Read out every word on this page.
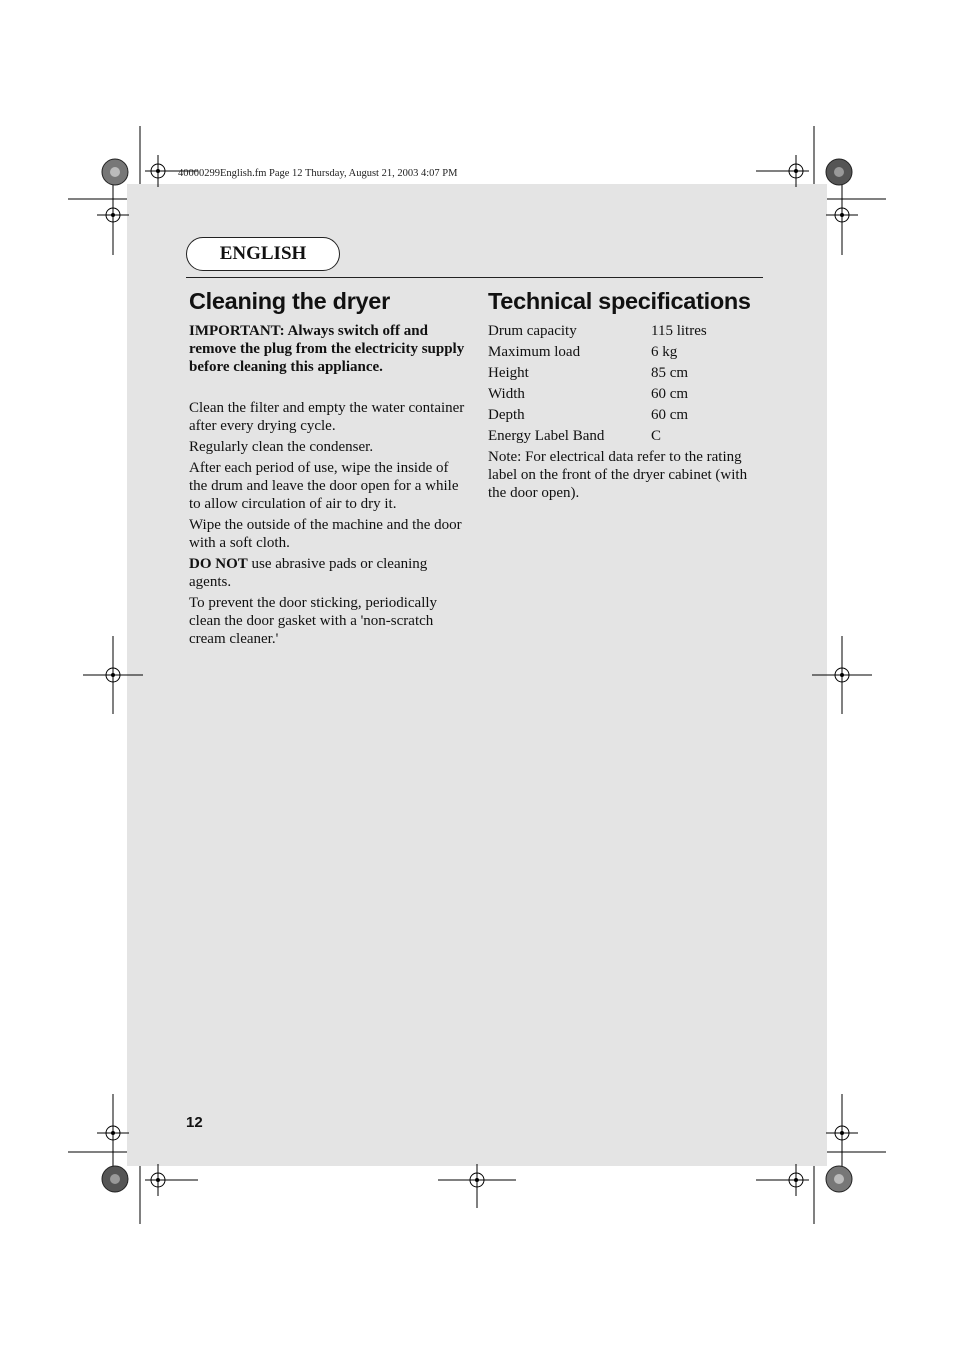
40000299English.fm Page 12 Thursday, August 21, 2003 4:07 PM
ENGLISH
Cleaning the dryer	Technical specifications

IMPORTANT: Always switch off and remove the plug from the electricity supply before cleaning this appliance.

Clean the filter and empty the water container after every drying cycle.

Regularly clean the condenser.

After each period of use, wipe the inside of the drum and leave the door open for a while to allow circulation of air to dry it.

Wipe the outside of the machine and the door with a soft cloth.

DO NOT use abrasive pads or cleaning agents.

To prevent the door sticking, periodically clean the door gasket with a 'non-scratch cream cleaner.'

Drum capacity	115 litres
Maximum load	6 kg
Height	85 cm
Width	60 cm
Depth	60 cm
Energy Label Band	C

Note: For electrical data refer to the rating label on the front of the dryer cabinet (with the door open).

12
